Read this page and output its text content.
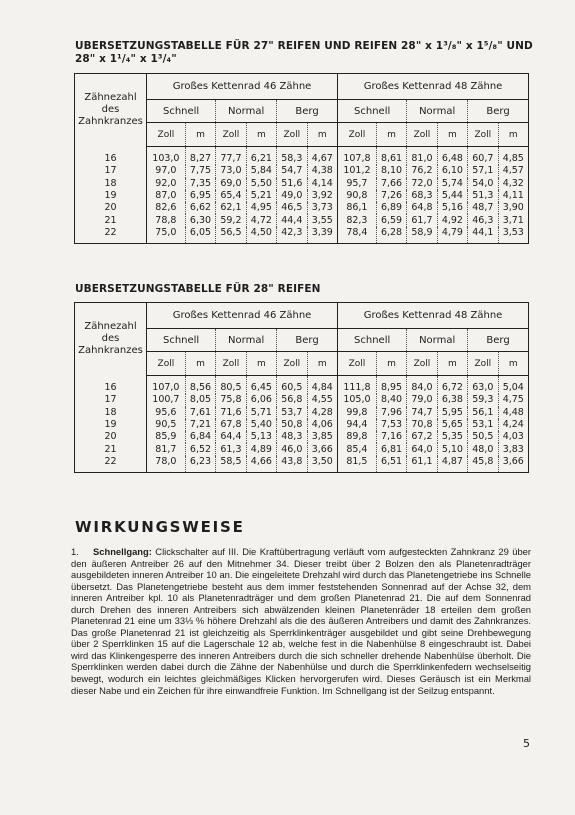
UBERSETZUNGSTABELLE FÜR 27" REIFEN UND REIFEN 28" x 1³/₈" x 1⁵/₈" UND 28" x 1¹/₄" x 1³/₄"
Zähnezahl des Zahnkranzes	Großes Kettenrad 46 Zähne						Großes Kettenrad 48 Zähne					
	Schnell		Normal		Berg		Schnell		Normal		Berg	
	Zoll	m	Zoll	m	Zoll	m	Zoll	m	Zoll	m	Zoll	m
16	103,0	8,27	77,7	6,21	58,3	4,67	107,8	8,61	81,0	6,48	60,7	4,85
17	97,0	7,75	73,0	5,84	54,7	4,38	101,2	8,10	76,2	6,10	57,1	4,57
18	92,0	7,35	69,0	5,50	51,6	4,14	95,7	7,66	72,0	5,74	54,0	4,32
19	87,0	6,95	65,4	5,21	49,0	3,92	90,8	7,26	68,3	5,44	51,3	4,11
20	82,6	6,62	62,1	4,95	46,5	3,73	86,1	6,89	64,8	5,16	48,7	3,90
21	78,8	6,30	59,2	4,72	44,4	3,55	82,3	6,59	61,7	4,92	46,3	3,71
22	75,0	6,05	56,5	4,50	42,3	3,39	78,4	6,28	58,9	4,79	44,1	3,53
UBERSETZUNGSTABELLE FÜR 28" REIFEN
Zähnezahl des Zahnkranzes	Großes Kettenrad 46 Zähne						Großes Kettenrad 48 Zähne					
	Schnell		Normal		Berg		Schnell		Normal		Berg	
	Zoll	m	Zoll	m	Zoll	m	Zoll	m	Zoll	m	Zoll	m
16	107,0	8,56	80,5	6,45	60,5	4,84	111,8	8,95	84,0	6,72	63,0	5,04
17	100,7	8,05	75,8	6,06	56,8	4,55	105,0	8,40	79,0	6,38	59,3	4,75
18	95,6	7,61	71,6	5,71	53,7	4,28	99,8	7,96	74,7	5,95	56,1	4,48
19	90,5	7,21	67,8	5,40	50,8	4,06	94,4	7,53	70,8	5,65	53,1	4,24
20	85,9	6,84	64,4	5,13	48,3	3,85	89,8	7,16	67,2	5,35	50,5	4,03
21	81,7	6,52	61,3	4,89	46,0	3,66	85,4	6,81	64,0	5,10	48,0	3,83
22	78,0	6,23	58,5	4,66	43,8	3,50	81,5	6,51	61,1	4,87	45,8	3,66
WIRKUNGSWEISE
1. Schnellgang: Clickschalter auf III. Die Kraftübertragung verläuft vom aufgesteckten Zahnkranz 29 über den äußeren Antreiber 26 auf den Mitnehmer 34. Dieser treibt über 2 Bolzen den als Planetenradträger ausgebildeten inneren Antreiber 10 an. Die eingeleitete Drehzahl wird durch das Planetengetriebe ins Schnelle übersetzt. Das Planetengetriebe besteht aus dem immer feststehenden Sonnenrad auf der Achse 32, dem inneren Antreiber kpl. 10 als Planetenradträger und dem großen Planetenrad 21. Die auf dem Sonnenrad durch Drehen des inneren Antreibers sich abwälzenden kleinen Planetenräder 18 erteilen dem großen Planetenrad 21 eine um 33⅓ % höhere Drehzahl als die des äußeren Antreibers und damit des Zahnkranzes. Das große Planetenrad 21 ist gleichzeitig als Sperrklinkenträger ausgebildet und gibt seine Drehbewegung über 2 Sperrklinken 15 auf die Lagerschale 12 ab, welche fest in die Nabenhülse 8 eingeschraubt ist. Dabei wird das Klinkengesperre des inneren Antreibers durch die sich schneller drehende Nabenhülse überholt. Die Sperrklinken werden dabei durch die Zähne der Nabenhülse und durch die Sperrklinkenfedern wechselseitig bewegt, wodurch ein leichtes gleichmäßiges Klicken hervorgerufen wird. Dieses Geräusch ist ein Merkmal dieser Nabe und ein Zeichen für ihre einwandfreie Funktion. Im Schnellgang ist der Seilzug entspannt.
5
